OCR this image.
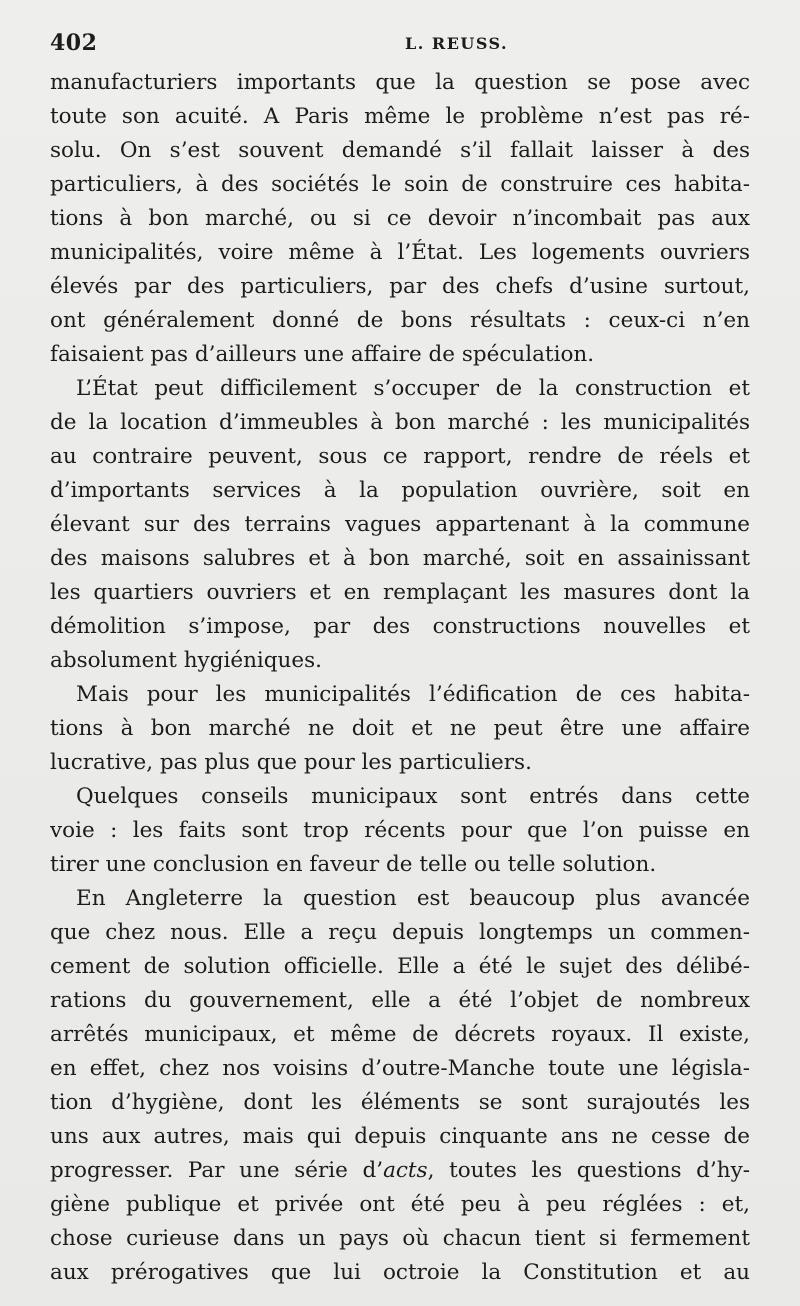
402	L. REUSS.
manufacturiers importants que la question se pose avec
toute son acuité. A Paris même le problème n’est pas ré-
solu. On s’est souvent demandé s’il fallait laisser à des
particuliers, à des sociétés le soin de construire ces habita-
tions à bon marché, ou si ce devoir n’incombait pas aux
municipalités, voire même à l’État. Les logements ouvriers
élevés par des particuliers, par des chefs d’usine surtout,
ont généralement donné de bons résultats : ceux-ci n’en
faisaient pas d’ailleurs une affaire de spéculation.
L’État peut difficilement s’occuper de la construction et
de la location d’immeubles à bon marché : les municipalités
au contraire peuvent, sous ce rapport, rendre de réels et
d’importants services à la population ouvrière, soit en
élevant sur des terrains vagues appartenant à la commune
des maisons salubres et à bon marché, soit en assainissant
les quartiers ouvriers et en remplaçant les masures dont la
démolition s’impose, par des constructions nouvelles et
absolument hygiéniques.
Mais pour les municipalités l’édification de ces habita-
tions à bon marché ne doit et ne peut être une affaire
lucrative, pas plus que pour les particuliers.
Quelques conseils municipaux sont entrés dans cette
voie : les faits sont trop récents pour que l’on puisse en
tirer une conclusion en faveur de telle ou telle solution.
En Angleterre la question est beaucoup plus avancée
que chez nous. Elle a reçu depuis longtemps un commen-
cement de solution officielle. Elle a été le sujet des délibé-
rations du gouvernement, elle a été l’objet de nombreux
arrêtés municipaux, et même de décrets royaux. Il existe,
en effet, chez nos voisins d’outre-Manche toute une législa-
tion d’hygiène, dont les éléments se sont surajoutés les
uns aux autres, mais qui depuis cinquante ans ne cesse de
progresser. Par une série d’acts, toutes les questions d’hy-
giène publique et privée ont été peu à peu réglées : et,
chose curieuse dans un pays où chacun tient si fermement
aux prérogatives que lui octroie la Constitution et au
